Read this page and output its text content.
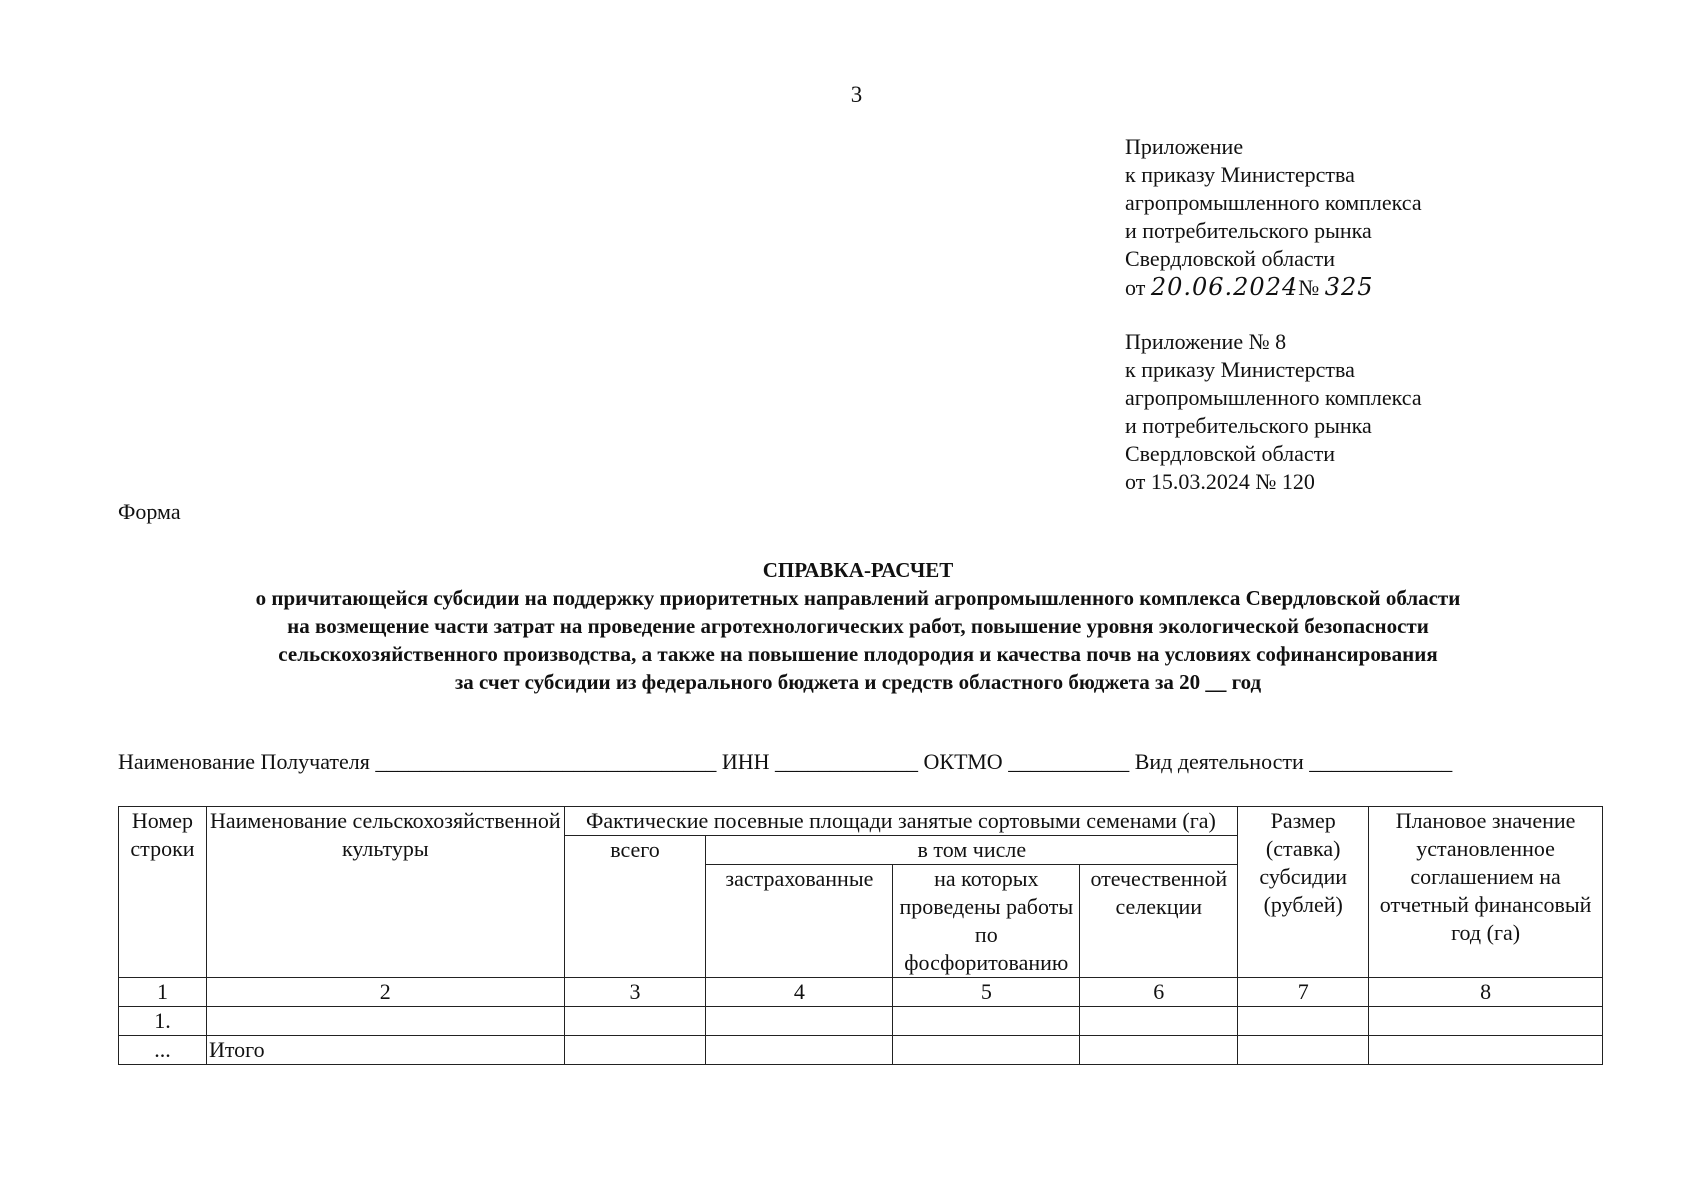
3
Приложение
к приказу Министерства
агропромышленного комплекса
и потребительского рынка
Свердловской области
от 20.06.2024№ 325
Приложение № 8
к приказу Министерства
агропромышленного комплекса
и потребительского рынка
Свердловской области
от 15.03.2024 № 120
Форма
СПРАВКА-РАСЧЕТ
о причитающейся субсидии на поддержку приоритетных направлений агропромышленного комплекса Свердловской области
на возмещение части затрат на проведение агротехнологических работ, повышение уровня экологической безопасности
сельскохозяйственного производства, а также на повышение плодородия и качества почв на условиях софинансирования
за счет субсидии из федерального бюджета и средств областного бюджета за 20 __ год
Наименование Получателя _______________________________ ИНН _____________ ОКТМО ___________ Вид деятельности _____________
Номер строки	Наименование сельскохозяйственной культуры	Фактические посевные площади занятые сортовыми семенами (га)				Размер (ставка) субсидии (рублей)	Плановое значение установленное соглашением на отчетный финансовый год (га)
		всего	в том числе				
			застрахованные	на которых проведены работы по фосфоритованию	отечественной селекции		
1	2	3	4	5	6	7	8
1.							
...	Итого						
